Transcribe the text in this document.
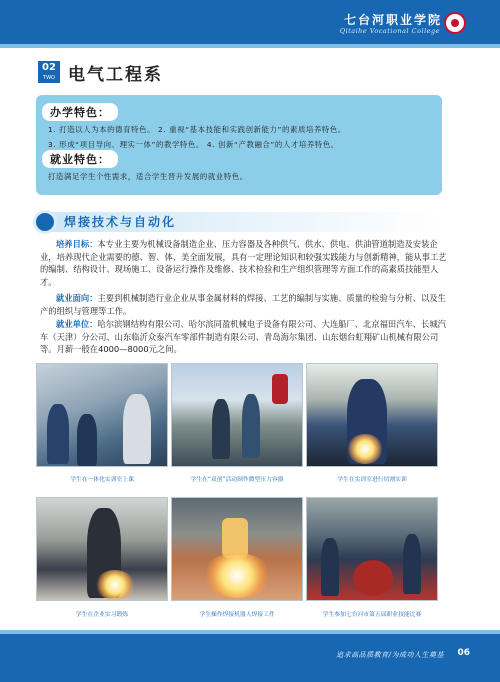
七台河职业学院
Qitaihe Vocational College
02
TWO 电气工程系
办学特色：
1. 打造以人为本的德育特色。 2. 重视“基本技能和实践创新能力”的素质培养特色。
3. 形成“项目导向、理实一体”的教学特色。 4. 创新“产教融合”的人才培养特色。
就业特色：
打造满足学生个性需求，适合学生晋升发展的就业特色。
焊接技术与自动化
培养目标：本专业主要为机械设备制造企业、压力容器及各种供气、供水、供电、供油管道制造及安装企业，培养现代企业需要的德、智、体、美全面发展，具有一定理论知识和较强实践能力与创新精神，能从事工艺的编制、结构设计、现场施工、设备运行操作及维修、技术检验和生产组织管理等方面工作的高素质技能型人才。
就业面向：主要到机械制造行业企业从事金属材料的焊接、工艺的编制与实施、质量的检验与分析、以及生产的组织与管理等工作。
就业单位：哈尔滨钢结构有限公司、哈尔滨同盈机械电子设备有限公司、大连船厂、北京福田汽车、长城汽车（天津）分公司、山东临沂众泰汽车零部件制造有限公司、青岛海尔集团、山东烟台虹翔矿山机械有限公司等。月薪一般在4000—8000元之间。
学生在一体化实训室上课	学生在“双创”活动制作微型压力容器	学生在实训室进行切割实训
学生在企业实习锻炼	学生操作焊接机器人焊接工件	学生参加七台河市第五届职业技能比赛
追求高品质教育/为成功人生奠基 06
